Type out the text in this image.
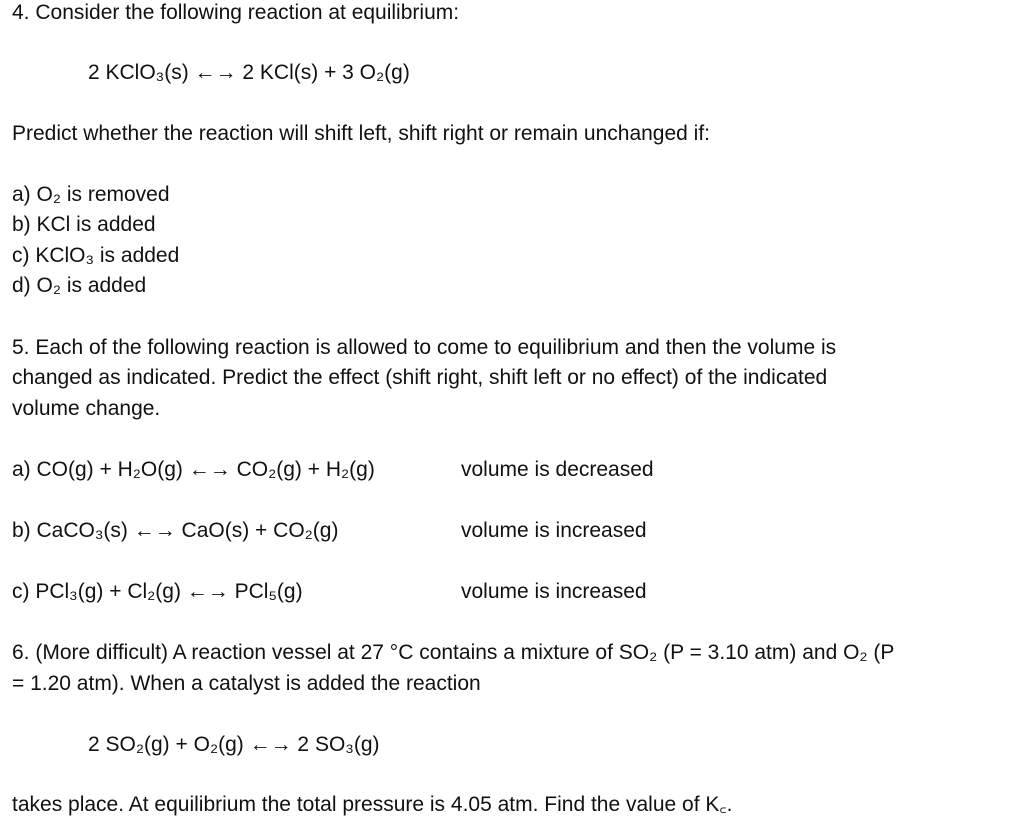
4. Consider the following reaction at equilibrium:
2 KClO₃(s) ←→ 2 KCl(s) + 3 O₂(g)
Predict whether the reaction will shift left, shift right or remain unchanged if:
a) O₂ is removed
b) KCl is added
c) KClO₃ is added
d) O₂ is added
5. Each of the following reaction is allowed to come to equilibrium and then the volume is
changed as indicated. Predict the effect (shift right, shift left or no effect) of the indicated
volume change.
a) CO(g) + H₂O(g) ←→ CO₂(g) + H₂(g)	volume is decreased
b) CaCO₃(s) ←→ CaO(s) + CO₂(g)	volume is increased
c) PCl₃(g) + Cl₂(g) ←→ PCl₅(g)	volume is increased
6. (More difficult) A reaction vessel at 27 °C contains a mixture of SO₂ (P = 3.10 atm) and O₂ (P
= 1.20 atm). When a catalyst is added the reaction
2 SO₂(g) + O₂(g) ←→ 2 SO₃(g)
takes place. At equilibrium the total pressure is 4.05 atm. Find the value of K꜀.
